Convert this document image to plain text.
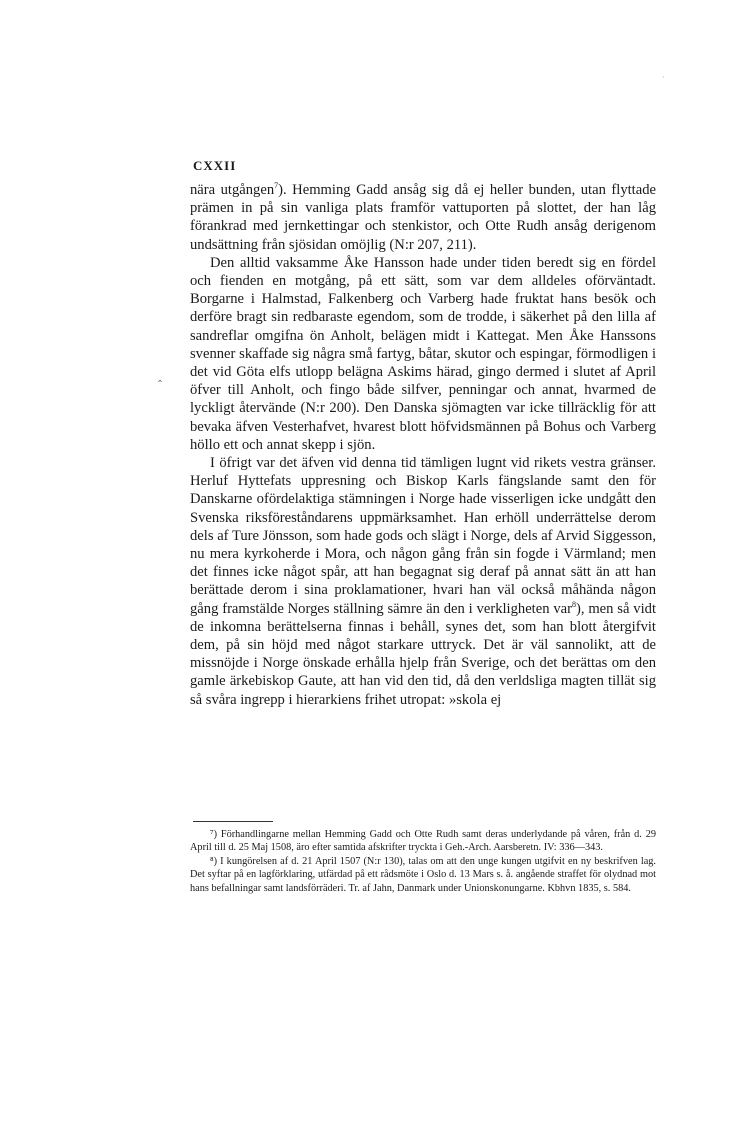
CXXII

nära utgången$^7$). Hemming Gadd ansåg sig då ej heller bunden, utan flyttade prämen in på sin vanliga plats framför vattuporten på slottet, der han låg förankrad med jernkettingar och stenkistor, och Otte Rudh ansåg derigenom undsättning från sjösidan omöjlig (N:r 207, 211).

Den alltid vaksamme Åke Hansson hade under tiden beredt sig en fördel och fienden en motgång, på ett sätt, som var dem alldeles oförväntadt. Borgarne i Halmstad, Falkenberg och Varberg hade fruktat hans besök och derföre bragt sin redbaraste egendom, som de trodde, i säkerhet på den lilla af sandreflar omgifna ön Anholt, belägen midt i Kattegat. Men Åke Hanssons svenner skaffade sig några små fartyg, båtar, skutor och espingar, förmodligen i det vid Göta elfs utlopp belägna Askims härad, gingo dermed i slutet af April öfver till Anholt, och fingo både silfver, penningar och annat, hvarmed de lyckligt återvände (N:r 200). Den Danska sjömagten var icke tillräcklig för att bevaka äfven Vesterhafvet, hvarest blott höfvidsmännen på Bohus och Varberg höllo ett och annat skepp i sjön.

I öfrigt var det äfven vid denna tid tämligen lugnt vid rikets vestra gränser. Herluf Hyttefats uppresning och Biskop Karls fängslande samt den för Danskarne ofördelaktiga stämningen i Norge hade visserligen icke undgått den Svenska riksföreståndarens uppmärksamhet. Han erhöll underrättelse derom dels af Ture Jönsson, som hade gods och slägt i Norge, dels af Arvid Siggesson, nu mera kyrkoherde i Mora, och någon gång från sin fogde i Värmland; men det finnes icke något spår, att han begagnat sig deraf på annat sätt än att han berättade derom i sina proklamationer, hvari han väl också måhända någon gång framstälde Norges ställning sämre än den i verkligheten var$^8$), men så vidt de inkomna berättelserna finnas i behåll, synes det, som han blott återgifvit dem, på sin höjd med något starkare uttryck. Det är väl sannolikt, att de missnöjde i Norge önskade erhålla hjelp från Sverige, och det berättas om den gamle ärkebiskop Gaute, att han vid den tid, då den verldsliga magten tillät sig så svåra ingrepp i hierarkiens frihet utropat: »skola ej

⁷) Förhandlingarne mellan Hemming Gadd och Otte Rudh samt deras underlydande på våren, från d. 29 April till d. 25 Maj 1508, äro efter samtida afskrifter tryckta i Geh.-Arch. Aarsberetn. IV: 336—343.

⁸) I kungörelsen af d. 21 April 1507 (N:r 130), talas om att den unge kungen utgifvit en ny beskrifven lag. Det syftar på en lagförklaring, utfärdad på ett rådsmöte i Oslo d. 13 Mars s. å. angående straffet för olydnad mot hans befallningar samt landsförräderi. Tr. af Jahn, Danmark under Unionskonungarne. Kbhvn 1835, s. 584.

‸
·
